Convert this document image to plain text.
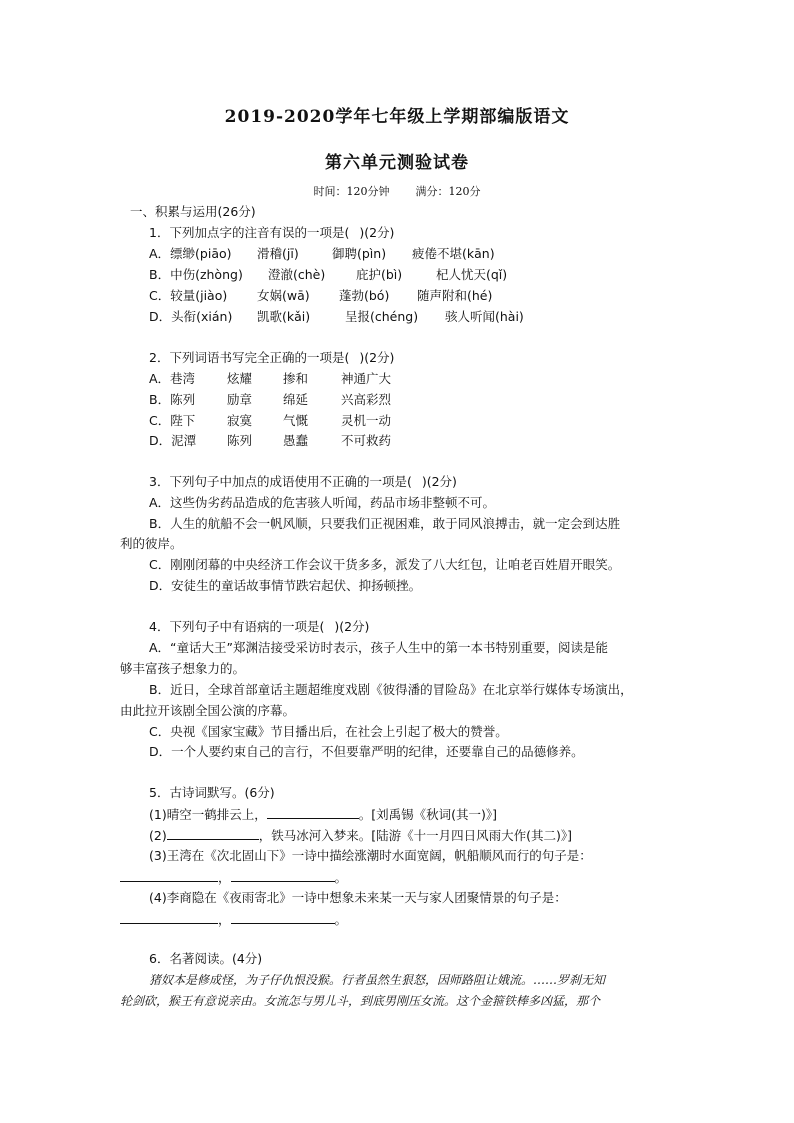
2019-2020学年七年级上学期部编版语文
第六单元测验试卷
时间：120分钟 满分：120分
一、积累与运用(26分)
1．下列加点字的注音有误的一项是( )(2分)
A．缥缈(piāo) 滑稽(jī)	御聘(pìn) 疲倦不堪(kān)
B．中伤(zhòng) 澄澈(chè) 庇护(bì)	杞人忧天(qǐ)
C．较量(jiào) 女娲(wā) 蓬勃(bó) 随声附和(hé)
D．头衔(xián) 凯歌(kǎi)	呈报(chéng) 骇人听闻(hài)
2．下列词语书写完全正确的一项是( )(2分)
A．巷湾	炫耀 掺和	神通广大
B．陈列	励章 绵延	兴高彩烈
C．陛下	寂寞 气慨	灵机一动
D．泥潭 陈列 愚蠢	不可救药
3．下列句子中加点的成语使用不正确的一项是( )(2分)
A．这些伪劣药品造成的危害骇人听闻，药品市场非整顿不可。
B．人生的航船不会一帆风顺，只要我们正视困难，敢于同风浪搏击，就一定会到达胜
利的彼岸。
C．刚刚闭幕的中央经济工作会议干货多多，派发了八大红包，让咱老百姓眉开眼笑。
D．安徒生的童话故事情节跌宕起伏、抑扬顿挫。
4．下列句子中有语病的一项是( )(2分)
A．“童话大王”郑渊洁接受采访时表示，孩子人生中的第一本书特别重要，阅读是能
够丰富孩子想象力的。
B．近日，全球首部童话主题超维度戏剧《彼得潘的冒险岛》在北京举行媒体专场演出，
由此拉开该剧全国公演的序幕。
C．央视《国家宝藏》节目播出后，在社会上引起了极大的赞誉。
D．一个人要约束自己的言行，不但要靠严明的纪律，还要靠自己的品德修养。
5．古诗词默写。(6分)
(1)晴空一鹤排云上，	。[刘禹锡《秋词(其一)》]
(2)	，铁马冰河入梦来。[陆游《十一月四日风雨大作(其二)》]
(3)王湾在《次北固山下》一诗中描绘涨潮时水面宽阔，帆船顺风而行的句子是：
，	。
(4)李商隐在《夜雨寄北》一诗中想象未来某一天与家人团聚情景的句子是：
，	。
6．名著阅读。(4分)
猪奴本是修成怪，为子仔仇恨没猴。行者虽然生狠怒，因师路阻让娥流。……罗刹无知
轮剑砍，猴王有意说亲由。女流怎与男儿斗，到底男刚压女流。这个金箍铁棒多凶猛，那个
